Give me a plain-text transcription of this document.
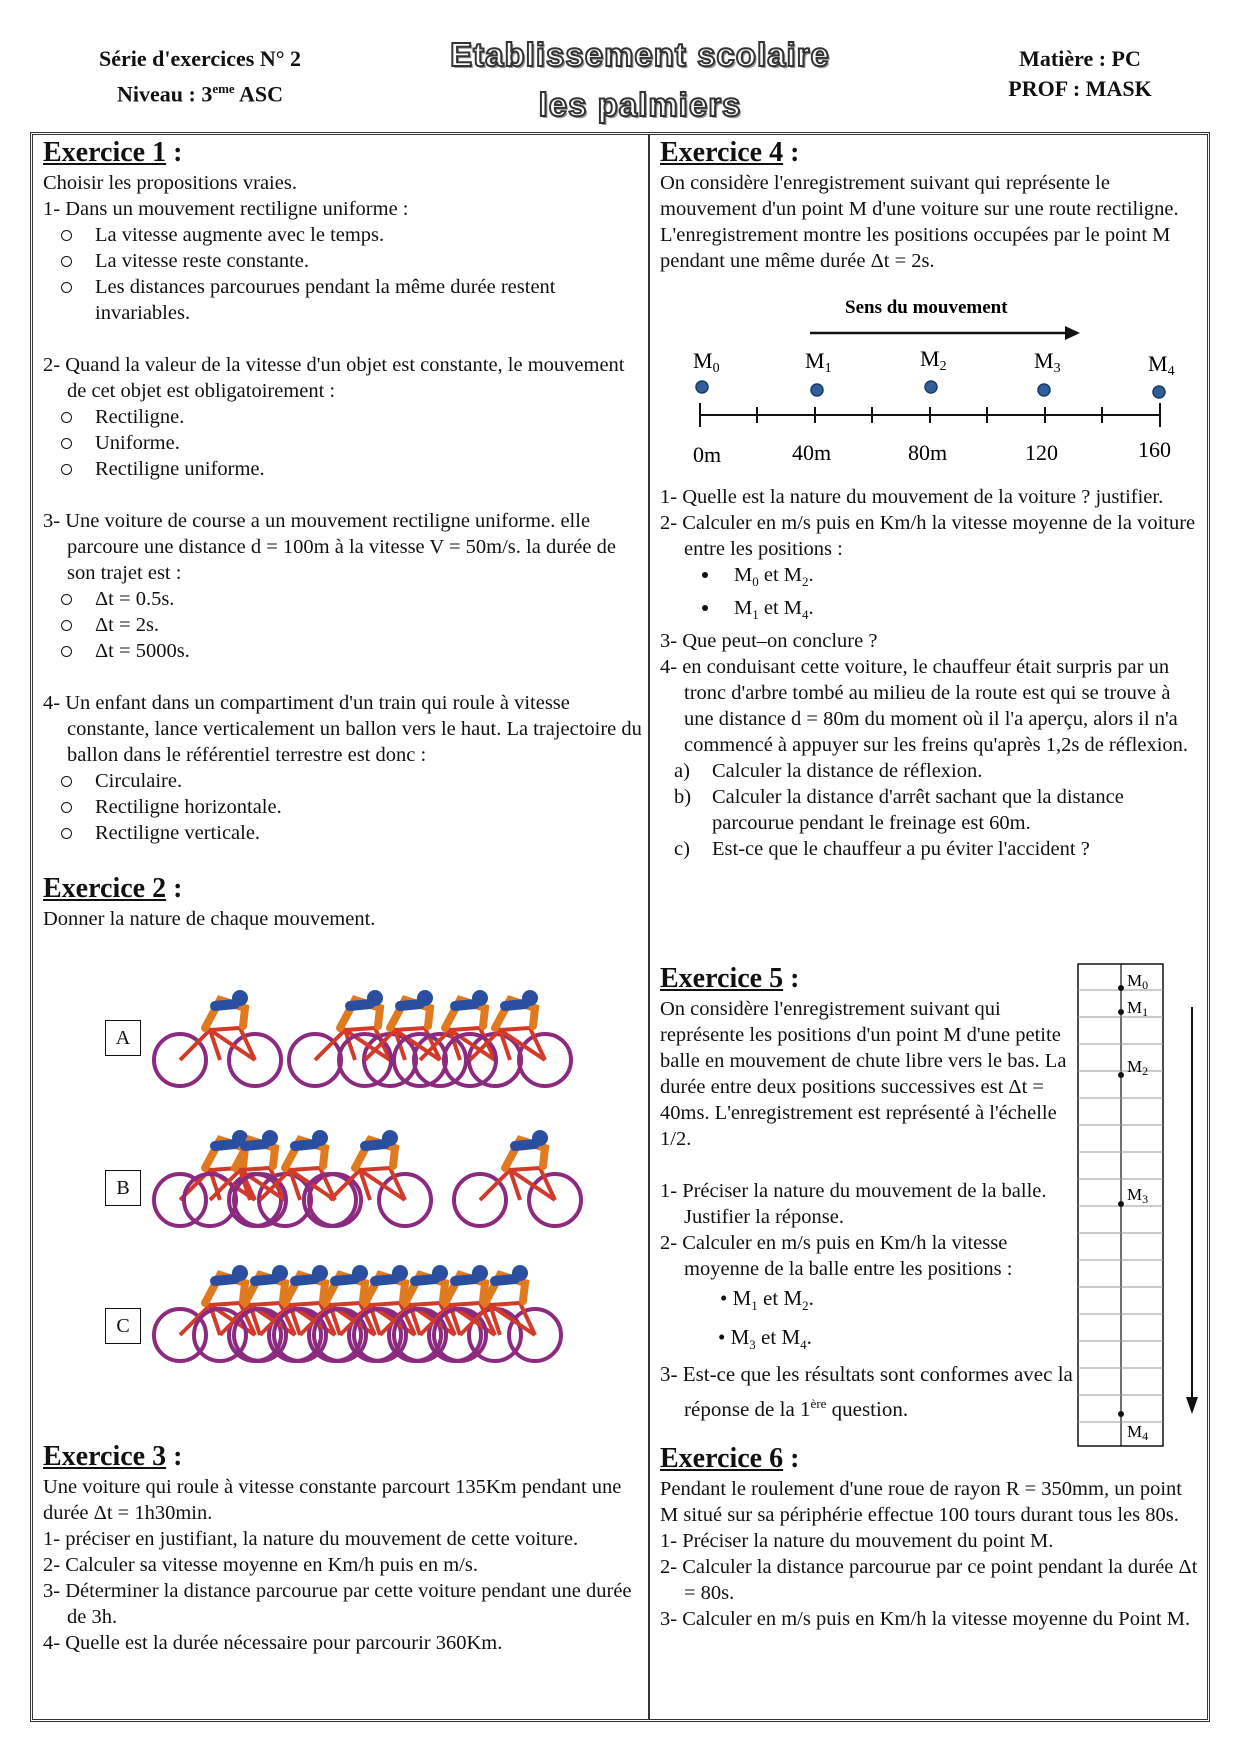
Série d'exercices N° 2
Niveau : 3eme ASC
Etablissement scolaire
les palmiers
Matière : PC
PROF : MASK
Exercice 1 :

Choisir les propositions vraies.

1- Dans un mouvement rectiligne uniforme :

La vitesse augmente avec le temps.
La vitesse reste constante.
Les distances parcourues pendant la même durée restent invariables.

2- Quand la valeur de la vitesse d'un objet est constante, le mouvement de cet objet est obligatoirement :

Rectiligne.
Uniforme.
Rectiligne uniforme.

3- Une voiture de course a un mouvement rectiligne uniforme. elle parcoure une distance d = 100m à la vitesse V = 50m/s. la durée de son trajet est :

Δt = 0.5s.
Δt = 2s.
Δt = 5000s.

4- Un enfant dans un compartiment d'un train qui roule à vitesse constante, lance verticalement un ballon vers le haut. La trajectoire du ballon dans le référentiel terrestre est donc :

Circulaire.
Rectiligne horizontale.
Rectiligne verticale.
Exercice 2 :

Donner la nature de chaque mouvement.

A
B
C
Exercice 3 :

Une voiture qui roule à vitesse constante parcourt 135Km pendant une durée Δt = 1h30min.

1- préciser en justifiant, la nature du mouvement de cette voiture.

2- Calculer sa vitesse moyenne en Km/h puis en m/s.

3- Déterminer la distance parcourue par cette voiture pendant une durée de 3h.

4- Quelle est la durée nécessaire pour parcourir 360Km.

Exercice 4 :

On considère l'enregistrement suivant qui représente le mouvement d'un point M d'une voiture sur une route rectiligne. L'enregistrement montre les positions occupées par le point M pendant une même durée Δt = 2s.

Sens du mouvement
M0	M1	M2	M3	M4
0m	40m	80m	120	160

1- Quelle est la nature du mouvement de la voiture ? justifier.

2- Calculer en m/s puis en Km/h la vitesse moyenne de la voiture entre les positions :

$M_0$ et $M_2$.
$M_1$ et $M_4$.

3- Que peut–on conclure ?

4- en conduisant cette voiture, le chauffeur était surpris par un tronc d'arbre tombé au milieu de la route est qui se trouve à une distance d = 80m du moment où il l'a aperçu, alors il n'a commencé à appuyer sur les freins qu'après 1,2s de réflexion.

a) Calculer la distance de réflexion.
b) Calculer la distance d'arrêt sachant que la distance parcourue pendant le freinage est 60m.
c) Est-ce que le chauffeur a pu éviter l'accident ?
Exercice 5 :

On considère l'enregistrement suivant qui représente les positions d'un point M d'une petite balle en mouvement de chute libre vers le bas. La durée entre deux positions successives est Δt = 40ms. L'enregistrement est représenté à l'échelle 1/2.

1- Préciser la nature du mouvement de la balle. Justifier la réponse.

2- Calculer en m/s puis en Km/h la vitesse moyenne de la balle entre les positions :

• $M_1$ et $M_2$.
• $M_3$ et $M_4$.

3- Est-ce que les résultats sont conformes avec la réponse de la 1ère question.

M0
M1
M2
M3
M4
Exercice 6 :

Pendant le roulement d'une roue de rayon R = 350mm, un point M situé sur sa périphérie effectue 100 tours durant tous les 80s.

1- Préciser la nature du mouvement du point M.

2- Calculer la distance parcourue par ce point pendant la durée Δt = 80s.

3- Calculer en m/s puis en Km/h la vitesse moyenne du Point M.
